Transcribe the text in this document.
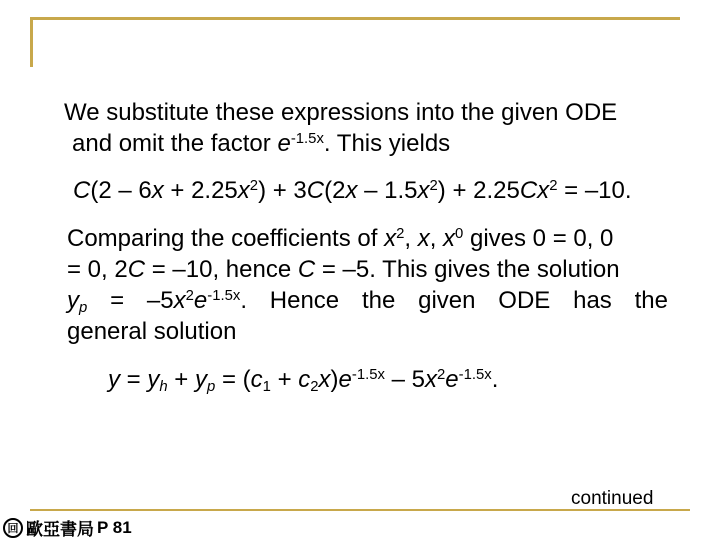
We substitute these expressions into the given ODE
and omit the factor $e^{-1.5x}$. This yields
$C(2 - 6x + 2.25x^2) + 3C(2x - 1.5x^2) + 2.25Cx^2 = -10$.
Comparing the coefficients of $x^2$, x, $x^0$ gives 0 = 0, 0
= 0, 2C = –10, hence C = –5. This gives the solution
$y_p = -5x^2e^{-1.5x}$. Hence the given ODE has the
general solution
$y = y_h + y_p = (c_1 + c_2x)e^{-1.5x} - 5x^2e^{-1.5x}$.
continued
回 歐亞書局 P 81
